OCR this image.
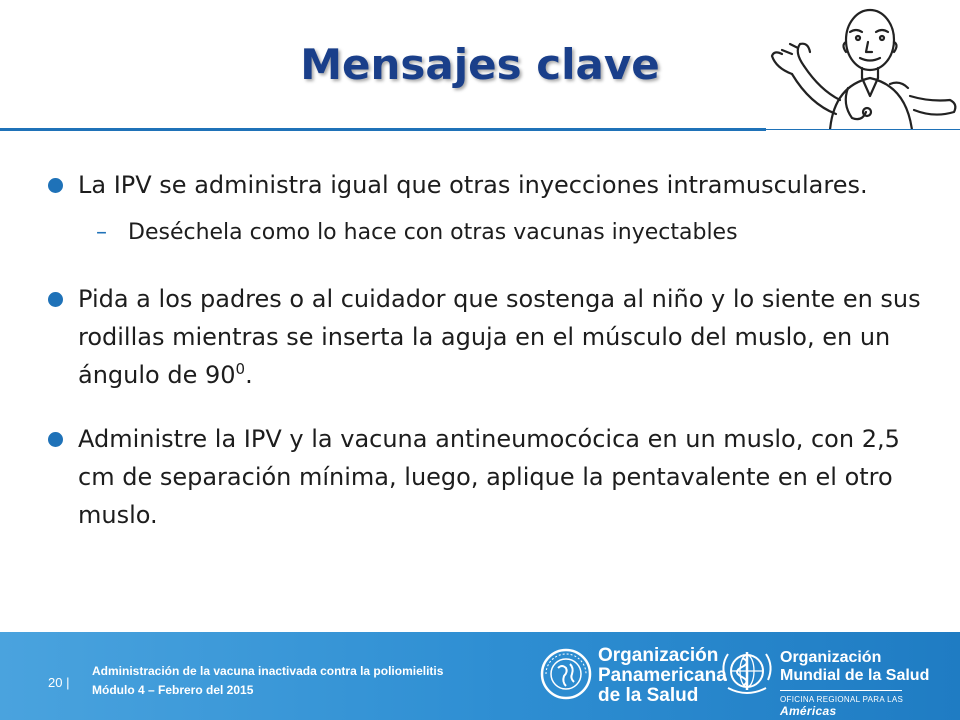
Mensajes clave
La IPV se administra igual que otras inyecciones intramusculares.
– Deséchela como lo hace con otras vacunas inyectables
Pida a los padres o al cuidador que sostenga al niño y lo siente en sus rodillas mientras se inserta la aguja en el músculo del muslo, en un ángulo de $90^0$.
Administre la IPV y la vacuna antineumocócica en un muslo, con 2,5 cm de separación mínima, luego, aplique la pentavalente en el otro muslo.
20 |
Administración de la vacuna inactivada contra la poliomielitis
Módulo 4 – Febrero del 2015
Organización
Panamericana
de la Salud
Organización
Mundial de la Salud
OFICINA REGIONAL PARA LAS Américas
